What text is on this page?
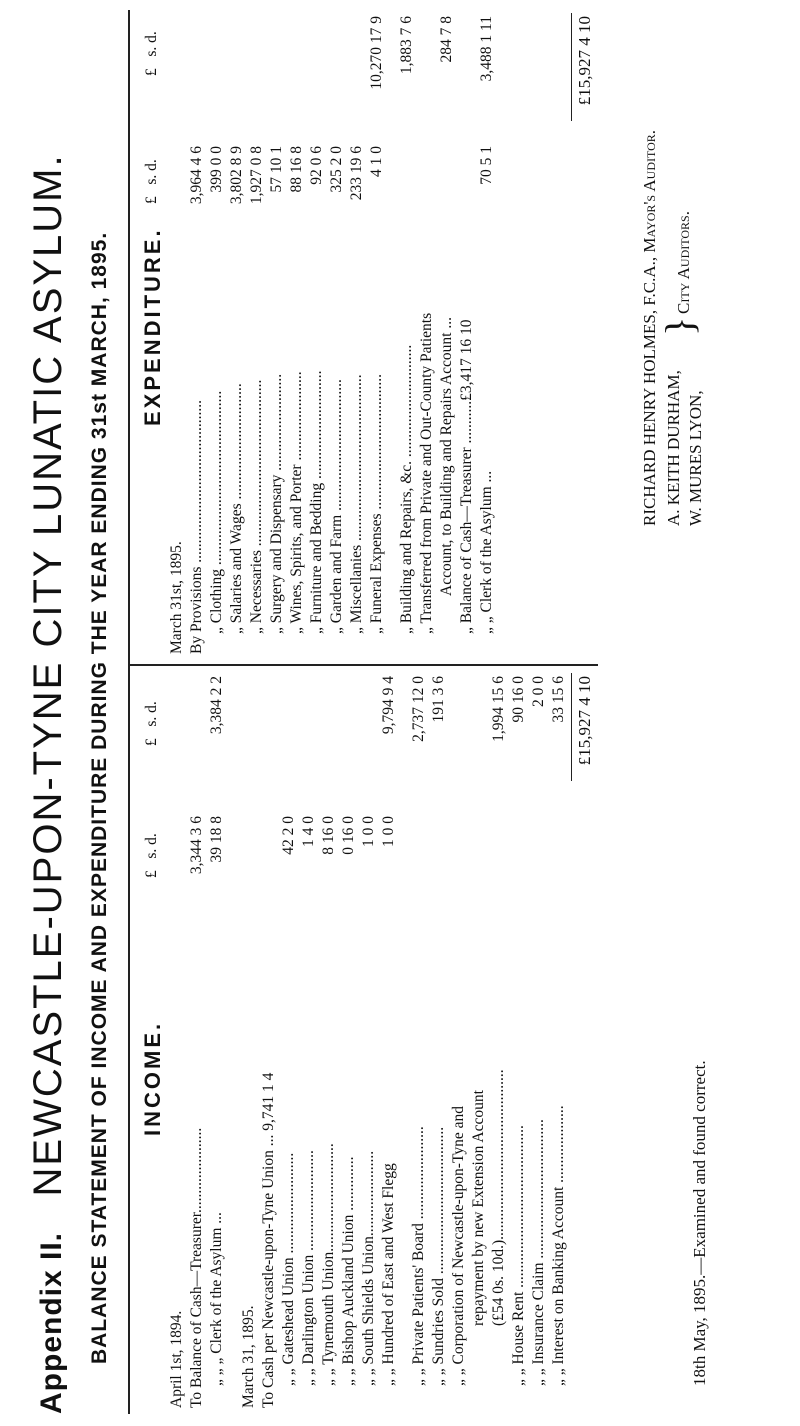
Appendix II. NEWCASTLE-UPON-TYNE CITY LUNATIC ASYLUM. BALANCE STATEMENT OF INCOME AND EXPENDITURE DURING THE YEAR ENDING 31st MARCH, 1895. INCOME.
£   s. d.
£   s. d.
April 1st, 1894. To Balance of Cash—Treasurer......................
3,344 3 6
„ „ „ Clerk of the Asylum ...
39 18 8
3,384 2 2
March 31, 1895. To Cash per Newcastle-upon-Tyne Union ... 9,741 1 4 „ „ Gateshead Union ..........................
42 2 0
„ „ Darlington Union ..........................
1 4 0
„ „ Tynemouth Union............................
8 16 0
„ „ Bishop Auckland Union ..............
0 16 0
„ „ South Shields Union......................
1 0 0
„ „ Hundred of East and West Flegg
1 0 0
9,794 9 4
„ „ Private Patients' Board ........................
2,737 12 0
„ „ Sundries Sold ......................................
191 3 6
„ „ Corporation of Newcastle-upon-Tyne and repayment by new Extension Account (£54 0s. 10d.)............................................
1,994 15 6
„ „ House Rent ..........................................
90 16 0
„ „ Insurance Claim ....................................
2 0 0
„ „ Interest on Banking Account ....................
33 15 6 £15,927 4 10
EXPENDITURE.
£   s. d.
£   s. d.
March 31st, 1895. By Provisions ..........................................
3,964 4 6
„ Clothing .............................................
399 0 0
„ Salaries and Wages ..............................
3,802 8 9
„ Necessaries ...........................................
1,927 0 8
„ Surgery and Dispensary .........................
57 10 1
„ Wines, Spirits, and Porter .......................
88 16 8
„ Furniture and Bedding ............................
92 0 6
„ Garden and Farm ..................................
325 2 0
„ Miscellanies ...........................................
233 19 6
„ Funeral Expenses ...................................
4 1 0
10,270 17 9
„ Building and Repairs, &c. .............................
1,883 7 6
„ Transferred from Private and Out-County Patients Account, to Building and Repairs Account ...
284 7 8
„ Balance of Cash—Treasurer ...........£3,417 16 10 „ „ Clerk of the Asylum ...
70 5 1
3,488 1 11	£15,927 4 10
18th May, 1895.—Examined and found correct.
RICHARD HENRY HOLMES, F.C.A., Mayor's Auditor. A. KEITH DURHAM, W. MURES LYON,
}
City Auditors.
